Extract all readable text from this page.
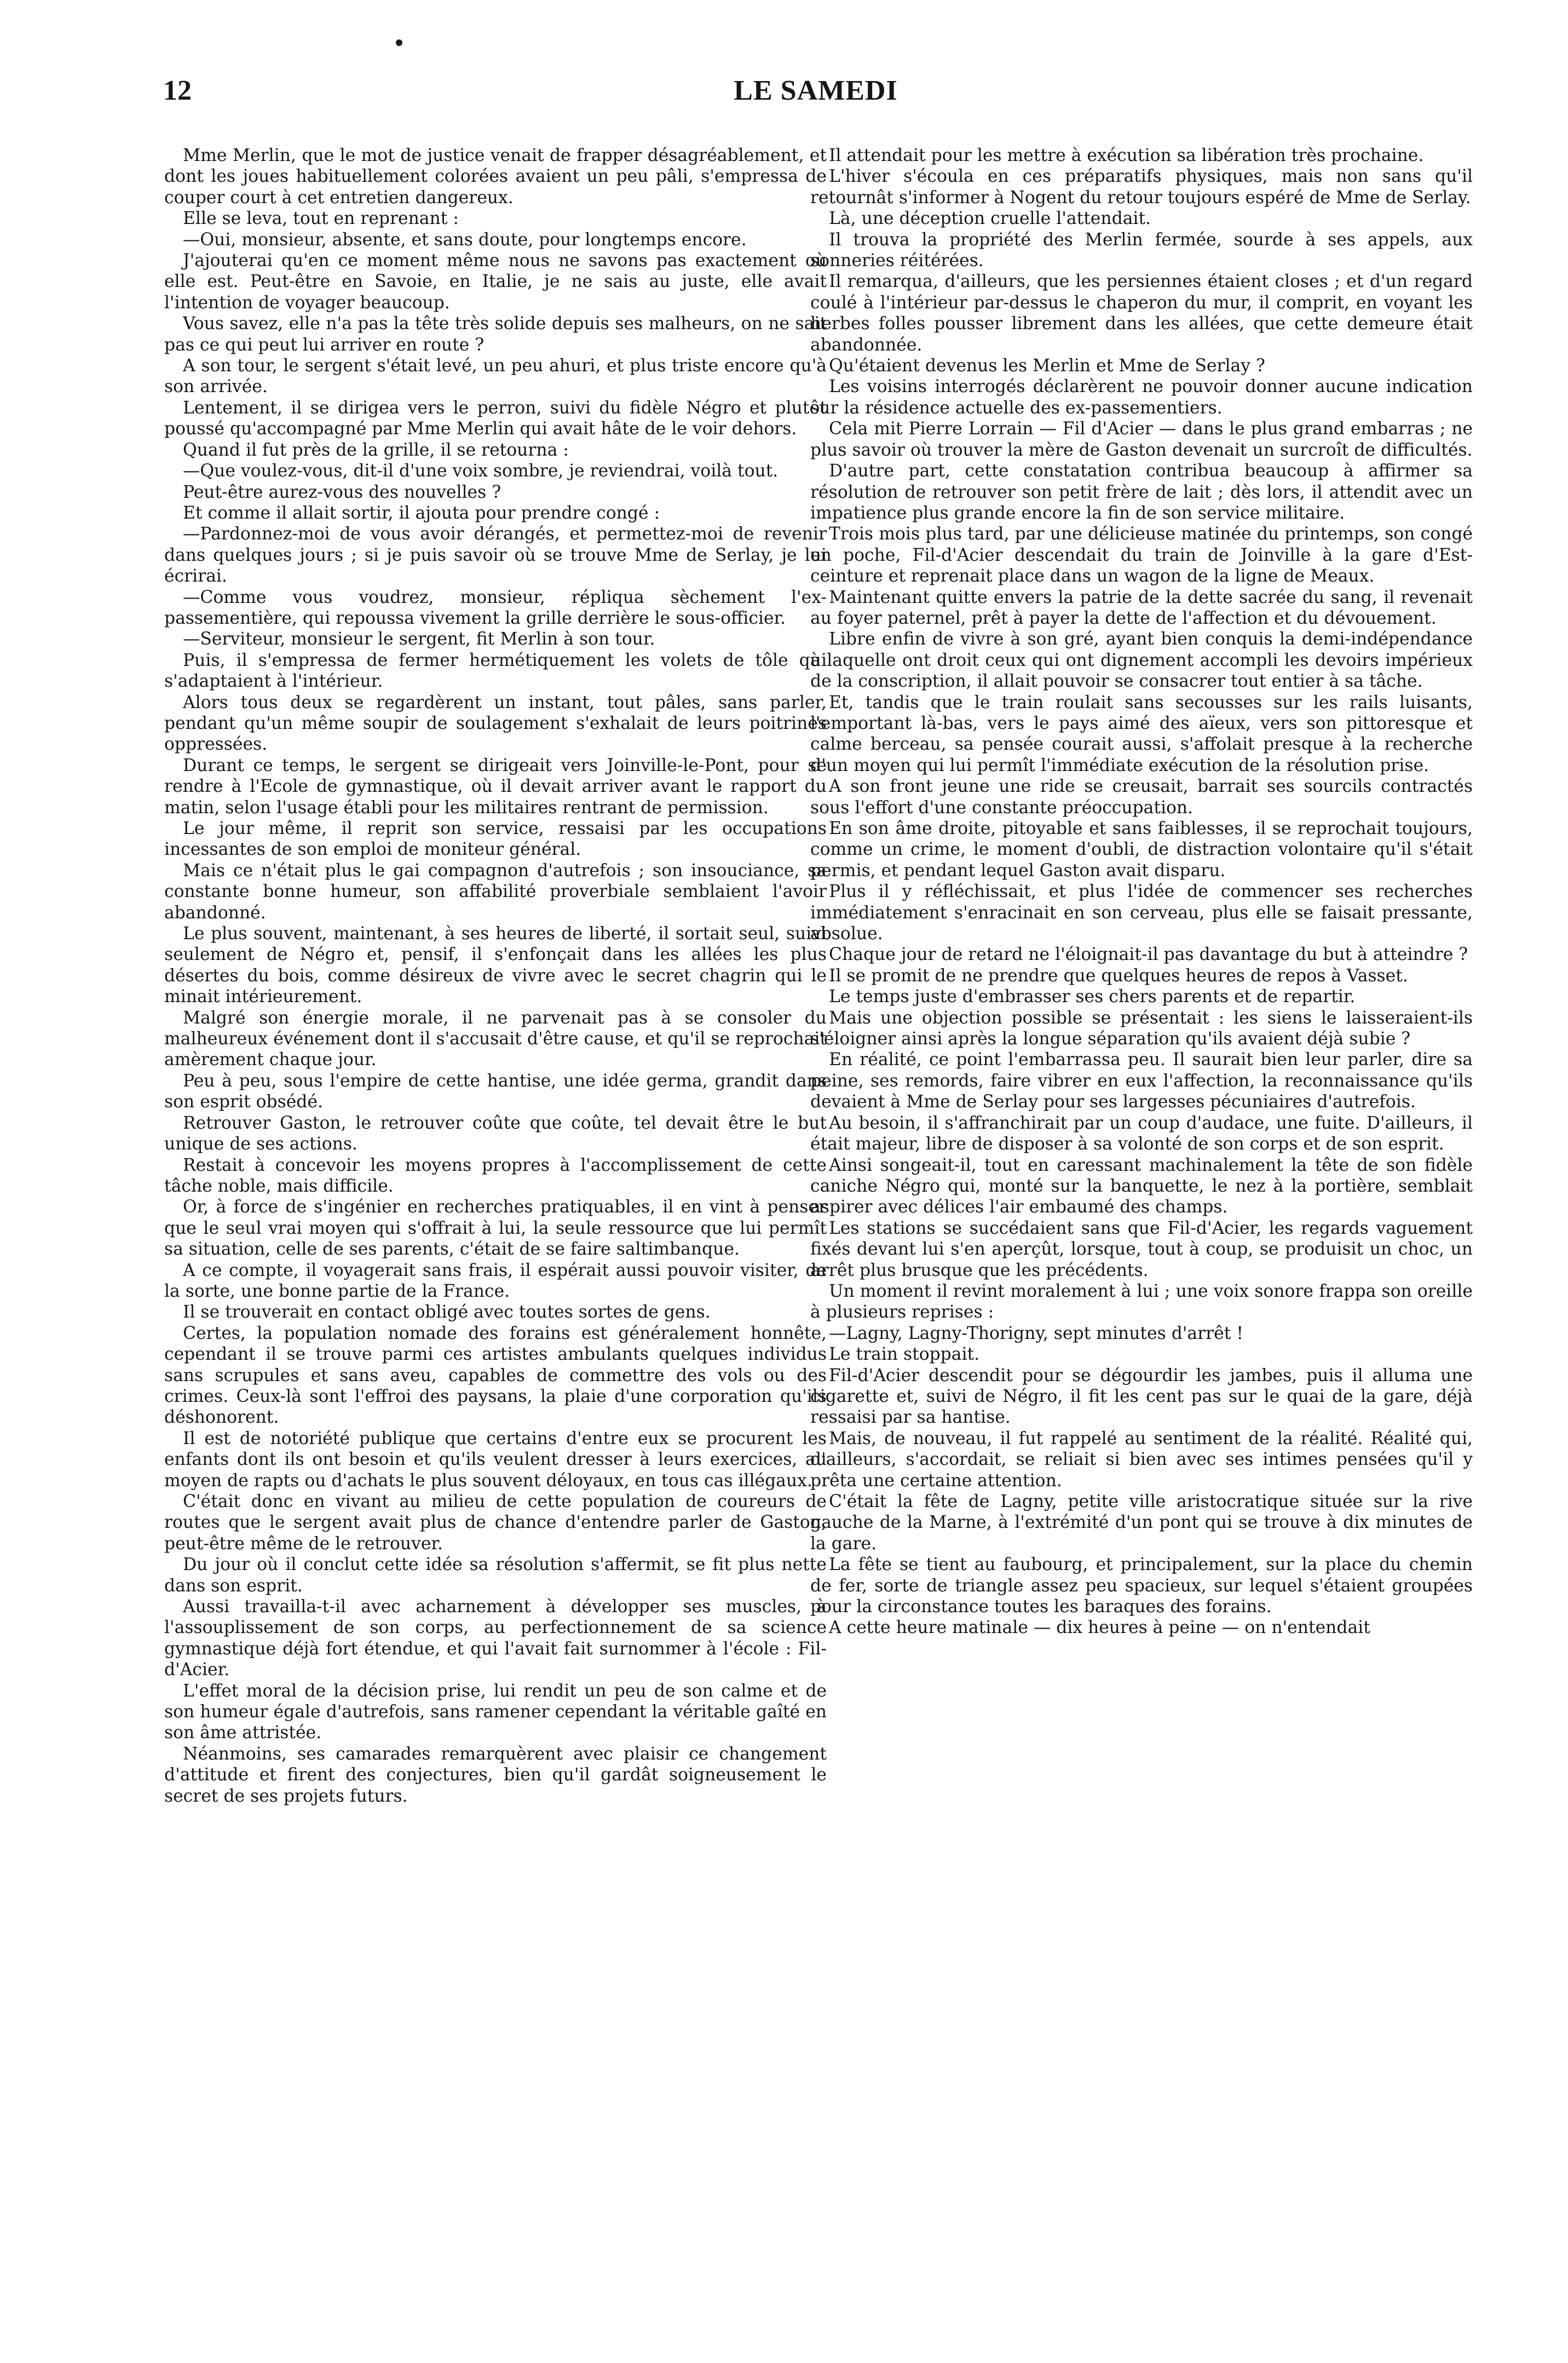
12	LE SAMEDI

Mme Merlin, que le mot de justice venait de frapper désagréablement, et dont les joues habituellement colorées avaient un peu pâli, s'empressa de couper court à cet entretien dangereux.

Elle se leva, tout en reprenant :

—Oui, monsieur, absente, et sans doute, pour longtemps encore.

J'ajouterai qu'en ce moment même nous ne savons pas exactement où elle est. Peut-être en Savoie, en Italie, je ne sais au juste, elle avait l'intention de voyager beaucoup.

Vous savez, elle n'a pas la tête très solide depuis ses malheurs, on ne sait pas ce qui peut lui arriver en route ?

A son tour, le sergent s'était levé, un peu ahuri, et plus triste encore qu'à son arrivée.

Lentement, il se dirigea vers le perron, suivi du fidèle Négro et plutôt poussé qu'accompagné par Mme Merlin qui avait hâte de le voir dehors.

Quand il fut près de la grille, il se retourna :

—Que voulez-vous, dit-il d'une voix sombre, je reviendrai, voilà tout.

Peut-être aurez-vous des nouvelles ?

Et comme il allait sortir, il ajouta pour prendre congé :

—Pardonnez-moi de vous avoir dérangés, et permettez-moi de revenir dans quelques jours ; si je puis savoir où se trouve Mme de Serlay, je lui écrirai.

—Comme vous voudrez, monsieur, répliqua sèchement l'ex-passementière, qui repoussa vivement la grille derrière le sous-officier.

—Serviteur, monsieur le sergent, fit Merlin à son tour.

Puis, il s'empressa de fermer hermétiquement les volets de tôle qui s'adaptaient à l'intérieur.

Alors tous deux se regardèrent un instant, tout pâles, sans parler, pendant qu'un même soupir de soulagement s'exhalait de leurs poitrines oppressées.

Durant ce temps, le sergent se dirigeait vers Joinville-le-Pont, pour se rendre à l'Ecole de gymnastique, où il devait arriver avant le rapport du matin, selon l'usage établi pour les militaires rentrant de permission.

Le jour même, il reprit son service, ressaisi par les occupations incessantes de son emploi de moniteur général.

Mais ce n'était plus le gai compagnon d'autrefois ; son insouciance, sa constante bonne humeur, son affabilité proverbiale semblaient l'avoir abandonné.

Le plus souvent, maintenant, à ses heures de liberté, il sortait seul, suivi seulement de Négro et, pensif, il s'enfonçait dans les allées les plus désertes du bois, comme désireux de vivre avec le secret chagrin qui le minait intérieurement.

Malgré son énergie morale, il ne parvenait pas à se consoler du malheureux événement dont il s'accusait d'être cause, et qu'il se reprochait amèrement chaque jour.

Peu à peu, sous l'empire de cette hantise, une idée germa, grandit dans son esprit obsédé.

Retrouver Gaston, le retrouver coûte que coûte, tel devait être le but unique de ses actions.

Restait à concevoir les moyens propres à l'accomplissement de cette tâche noble, mais difficile.

Or, à force de s'ingénier en recherches pratiquables, il en vint à penser que le seul vrai moyen qui s'offrait à lui, la seule ressource que lui permît sa situation, celle de ses parents, c'était de se faire saltimbanque.

A ce compte, il voyagerait sans frais, il espérait aussi pouvoir visiter, de la sorte, une bonne partie de la France.

Il se trouverait en contact obligé avec toutes sortes de gens.

Certes, la population nomade des forains est généralement honnête, cependant il se trouve parmi ces artistes ambulants quelques individus sans scrupules et sans aveu, capables de commettre des vols ou des crimes. Ceux-là sont l'effroi des paysans, la plaie d'une corporation qu'ils déshonorent.

Il est de notoriété publique que certains d'entre eux se procurent les enfants dont ils ont besoin et qu'ils veulent dresser à leurs exercices, au moyen de rapts ou d'achats le plus souvent déloyaux, en tous cas illégaux.

C'était donc en vivant au milieu de cette population de coureurs de routes que le sergent avait plus de chance d'entendre parler de Gaston, peut-être même de le retrouver.

Du jour où il conclut cette idée sa résolution s'affermit, se fit plus nette dans son esprit.

Aussi travailla-t-il avec acharnement à développer ses muscles, à l'assouplissement de son corps, au perfectionnement de sa science gymnastique déjà fort étendue, et qui l'avait fait surnommer à l'école : Fil-d'Acier.

L'effet moral de la décision prise, lui rendit un peu de son calme et de son humeur égale d'autrefois, sans ramener cependant la véritable gaîté en son âme attristée.

Néanmoins, ses camarades remarquèrent avec plaisir ce changement d'attitude et firent des conjectures, bien qu'il gardât soigneusement le secret de ses projets futurs.

Il attendait pour les mettre à exécution sa libération très prochaine.

L'hiver s'écoula en ces préparatifs physiques, mais non sans qu'il retournât s'informer à Nogent du retour toujours espéré de Mme de Serlay.

Là, une déception cruelle l'attendait.

Il trouva la propriété des Merlin fermée, sourde à ses appels, aux sonneries réitérées.

Il remarqua, d'ailleurs, que les persiennes étaient closes ; et d'un regard coulé à l'intérieur par-dessus le chaperon du mur, il comprit, en voyant les herbes folles pousser librement dans les allées, que cette demeure était abandonnée.

Qu'étaient devenus les Merlin et Mme de Serlay ?

Les voisins interrogés déclarèrent ne pouvoir donner aucune indication sur la résidence actuelle des ex-passementiers.

Cela mit Pierre Lorrain — Fil d'Acier — dans le plus grand embarras ; ne plus savoir où trouver la mère de Gaston devenait un surcroît de difficultés.

D'autre part, cette constatation contribua beaucoup à affirmer sa résolution de retrouver son petit frère de lait ; dès lors, il attendit avec un impatience plus grande encore la fin de son service militaire.

Trois mois plus tard, par une délicieuse matinée du printemps, son congé en poche, Fil-d'Acier descendait du train de Joinville à la gare d'Est-ceinture et reprenait place dans un wagon de la ligne de Meaux.

Maintenant quitte envers la patrie de la dette sacrée du sang, il revenait au foyer paternel, prêt à payer la dette de l'affection et du dévouement.

Libre enfin de vivre à son gré, ayant bien conquis la demi-indépendance à laquelle ont droit ceux qui ont dignement accompli les devoirs impérieux de la conscription, il allait pouvoir se consacrer tout entier à sa tâche.

Et, tandis que le train roulait sans secousses sur les rails luisants, l'emportant là-bas, vers le pays aimé des aïeux, vers son pittoresque et calme berceau, sa pensée courait aussi, s'affolait presque à la recherche d'un moyen qui lui permît l'immédiate exécution de la résolution prise.

A son front jeune une ride se creusait, barrait ses sourcils contractés sous l'effort d'une constante préoccupation.

En son âme droite, pitoyable et sans faiblesses, il se reprochait toujours, comme un crime, le moment d'oubli, de distraction volontaire qu'il s'était permis, et pendant lequel Gaston avait disparu.

Plus il y réfléchissait, et plus l'idée de commencer ses recherches immédiatement s'enracinait en son cerveau, plus elle se faisait pressante, absolue.

Chaque jour de retard ne l'éloignait-il pas davantage du but à atteindre ?

Il se promit de ne prendre que quelques heures de repos à Vasset.

Le temps juste d'embrasser ses chers parents et de repartir.

Mais une objection possible se présentait : les siens le laisseraient-ils s'éloigner ainsi après la longue séparation qu'ils avaient déjà subie ?

En réalité, ce point l'embarrassa peu. Il saurait bien leur parler, dire sa peine, ses remords, faire vibrer en eux l'affection, la reconnaissance qu'ils devaient à Mme de Serlay pour ses largesses pécuniaires d'autrefois.

Au besoin, il s'affranchirait par un coup d'audace, une fuite. D'ailleurs, il était majeur, libre de disposer à sa volonté de son corps et de son esprit.

Ainsi songeait-il, tout en caressant machinalement la tête de son fidèle caniche Négro qui, monté sur la banquette, le nez à la portière, semblait aspirer avec délices l'air embaumé des champs.

Les stations se succédaient sans que Fil-d'Acier, les regards vaguement fixés devant lui s'en aperçût, lorsque, tout à coup, se produisit un choc, un arrêt plus brusque que les précédents.

Un moment il revint moralement à lui ; une voix sonore frappa son oreille à plusieurs reprises :

—Lagny, Lagny-Thorigny, sept minutes d'arrêt !

Le train stoppait.

Fil-d'Acier descendit pour se dégourdir les jambes, puis il alluma une cigarette et, suivi de Négro, il fit les cent pas sur le quai de la gare, déjà ressaisi par sa hantise.

Mais, de nouveau, il fut rappelé au sentiment de la réalité. Réalité qui, d'ailleurs, s'accordait, se reliait si bien avec ses intimes pensées qu'il y prêta une certaine attention.

C'était la fête de Lagny, petite ville aristocratique située sur la rive gauche de la Marne, à l'extrémité d'un pont qui se trouve à dix minutes de la gare.

La fête se tient au faubourg, et principalement, sur la place du chemin de fer, sorte de triangle assez peu spacieux, sur lequel s'étaient groupées pour la circonstance toutes les baraques des forains.

A cette heure matinale — dix heures à peine — on n'entendait
